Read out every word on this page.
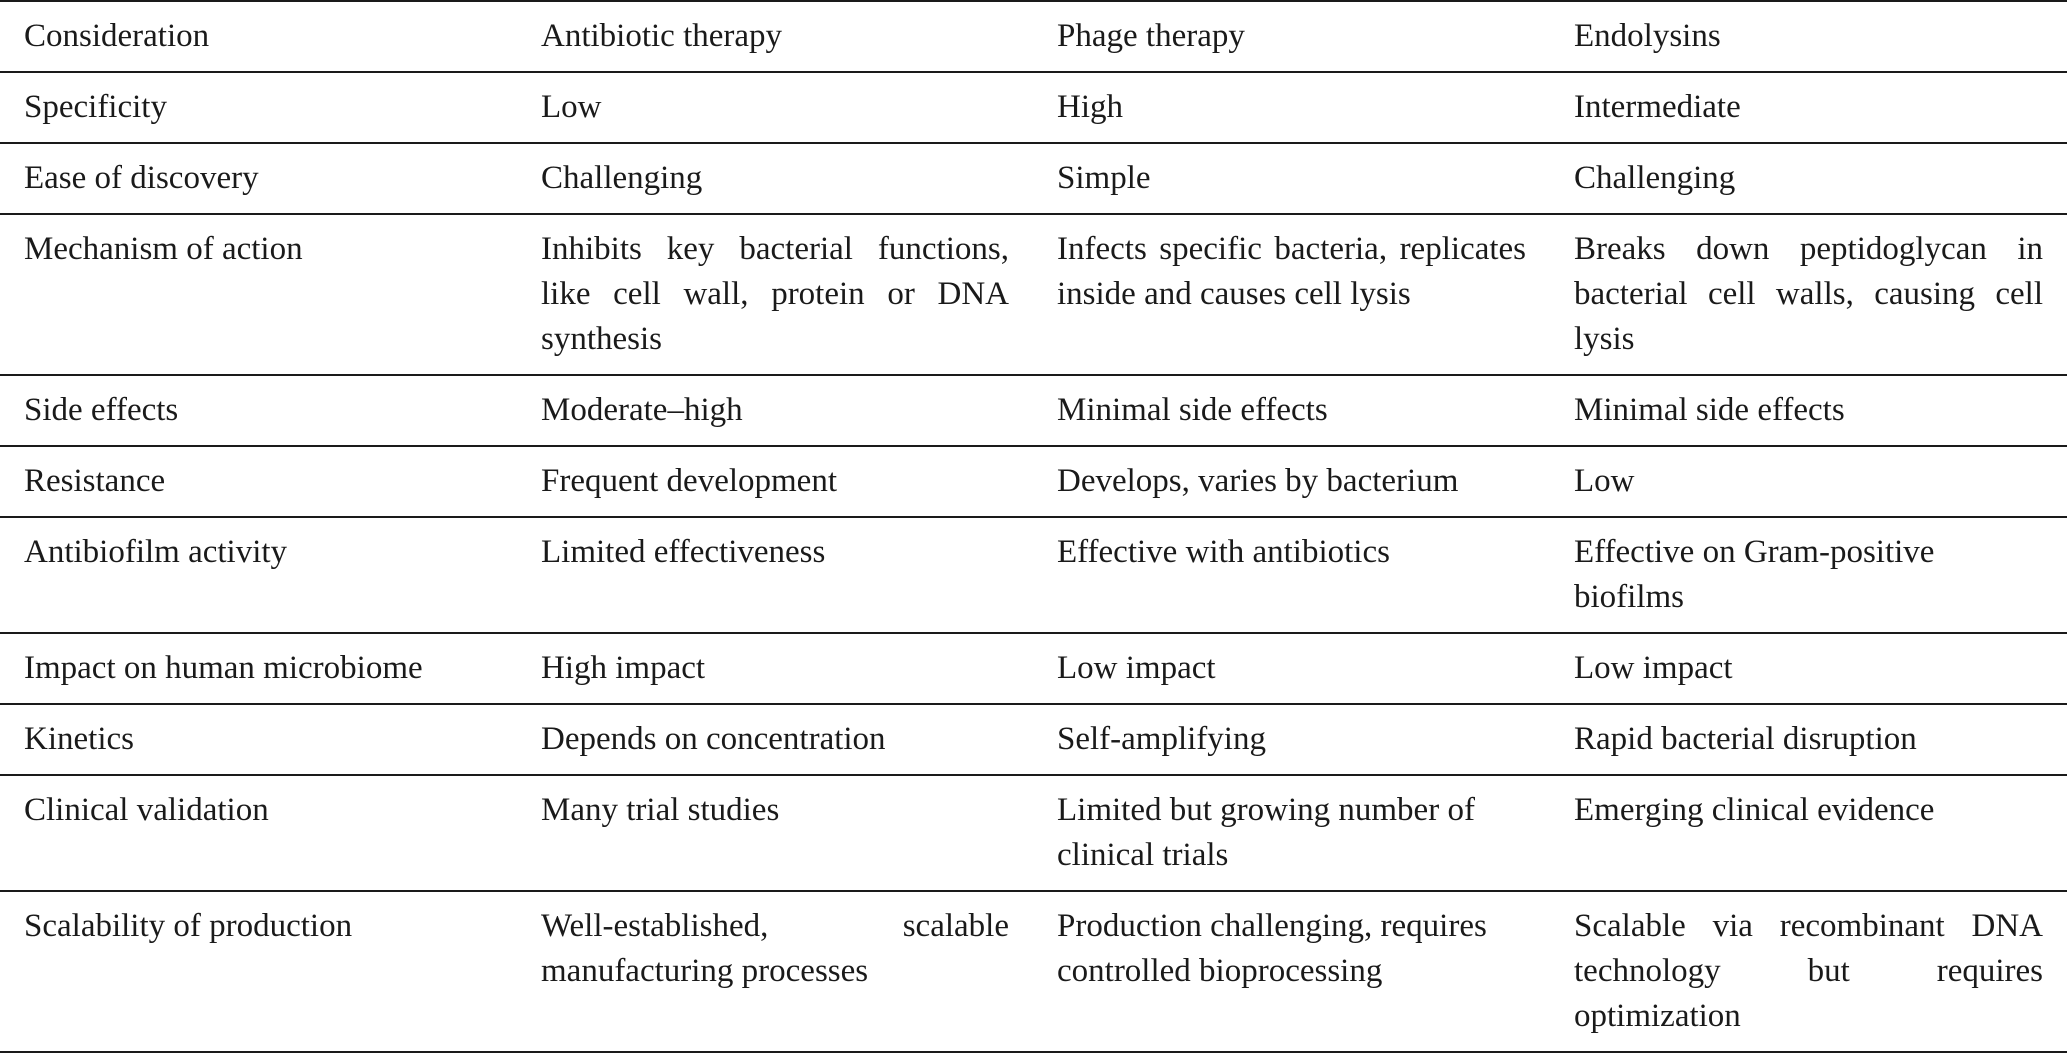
Consideration	Antibiotic therapy	Phage therapy	Endolysins
Specificity	Low	High	Intermediate
Ease of discovery	Challenging	Simple	Challenging
Mechanism of action	Inhibits key bacterial functions, like cell wall, protein or DNA synthesis	Infects specific bacteria, replicates inside and causes cell lysis	Breaks down peptidoglycan in bacterial cell walls, causing cell lysis
Side effects	Moderate–high	Minimal side effects	Minimal side effects
Resistance	Frequent development	Develops, varies by bacterium	Low
Antibiofilm activity	Limited effectiveness	Effective with antibiotics	Effective on Gram-positive biofilms
Impact on human microbiome	High impact	Low impact	Low impact
Kinetics	Depends on concentration	Self-amplifying	Rapid bacterial disruption
Clinical validation	Many trial studies	Limited but growing number of clinical trials	Emerging clinical evidence
Scalability of production	Well-established, scalable manufacturing processes	Production challenging, requires controlled bioprocessing	Scalable via recombinant DNA technology but requires optimization
